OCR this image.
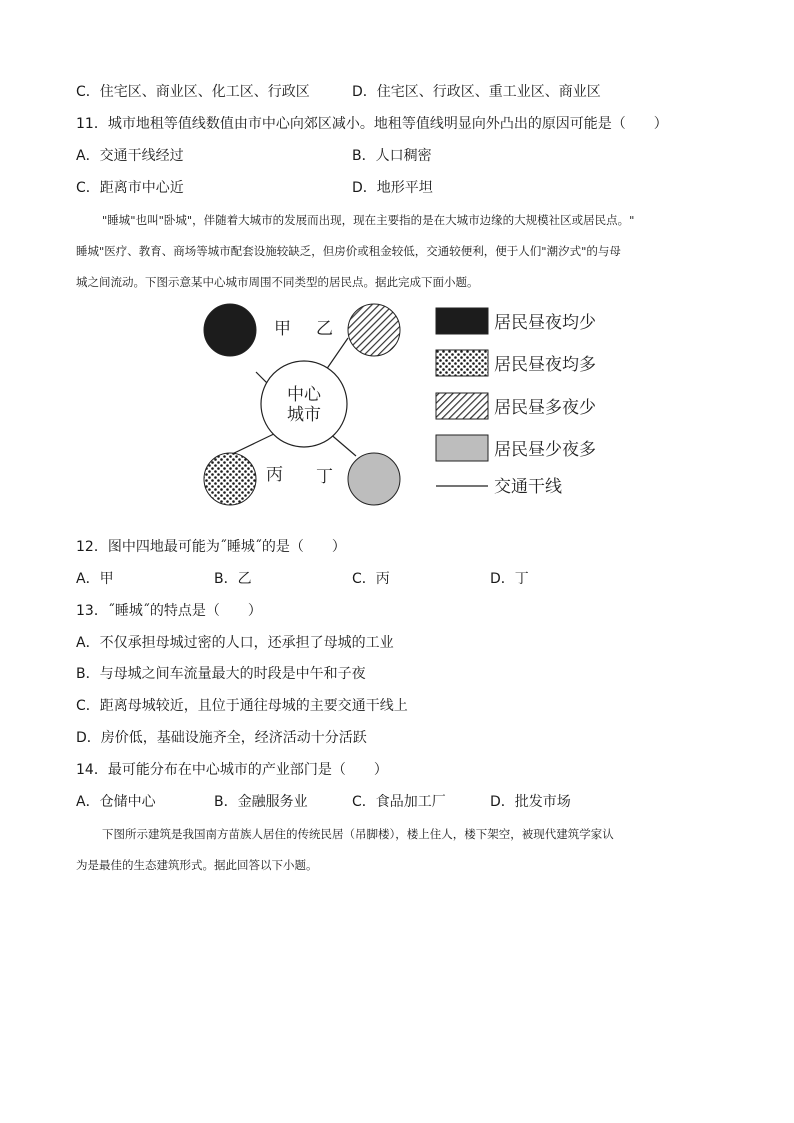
C．住宅区、商业区、化工区、行政区	D．住宅区、行政区、重工业区、商业区
11．城市地租等值线数值由市中心向郊区减小。地租等值线明显向外凸出的原因可能是（　　）
A．交通干线经过	B．人口稠密
C．距离市中心近	D．地形平坦
"睡城"也叫"卧城"，伴随着大城市的发展而出现，现在主要指的是在大城市边缘的大规模社区或居民点。"
睡城"医疗、教育、商场等城市配套设施较缺乏，但房价或租金较低，交通较便利，便于人们"潮汐式"的与母
城之间流动。下图示意某中心城市周围不同类型的居民点。据此完成下面小题。
中心
城市
甲 乙
丙 丁
居民昼夜均少
居民昼夜均多
居民昼多夜少
居民昼少夜多
交通干线
12．图中四地最可能为˝睡城˝的是（　　）
A．甲	B．乙	C．丙	D．丁
13．˝睡城˝的特点是（　　）
A．不仅承担母城过密的人口，还承担了母城的工业
B．与母城之间车流量最大的时段是中午和子夜
C．距离母城较近，且位于通往母城的主要交通干线上
D．房价低，基础设施齐全，经济活动十分活跃
14．最可能分布在中心城市的产业部门是（　　）
A．仓储中心	B．金融服务业	C．食品加工厂	D．批发市场
下图所示建筑是我国南方苗族人居住的传统民居（吊脚楼），楼上住人，楼下架空，被现代建筑学家认
为是最佳的生态建筑形式。据此回答以下小题。
